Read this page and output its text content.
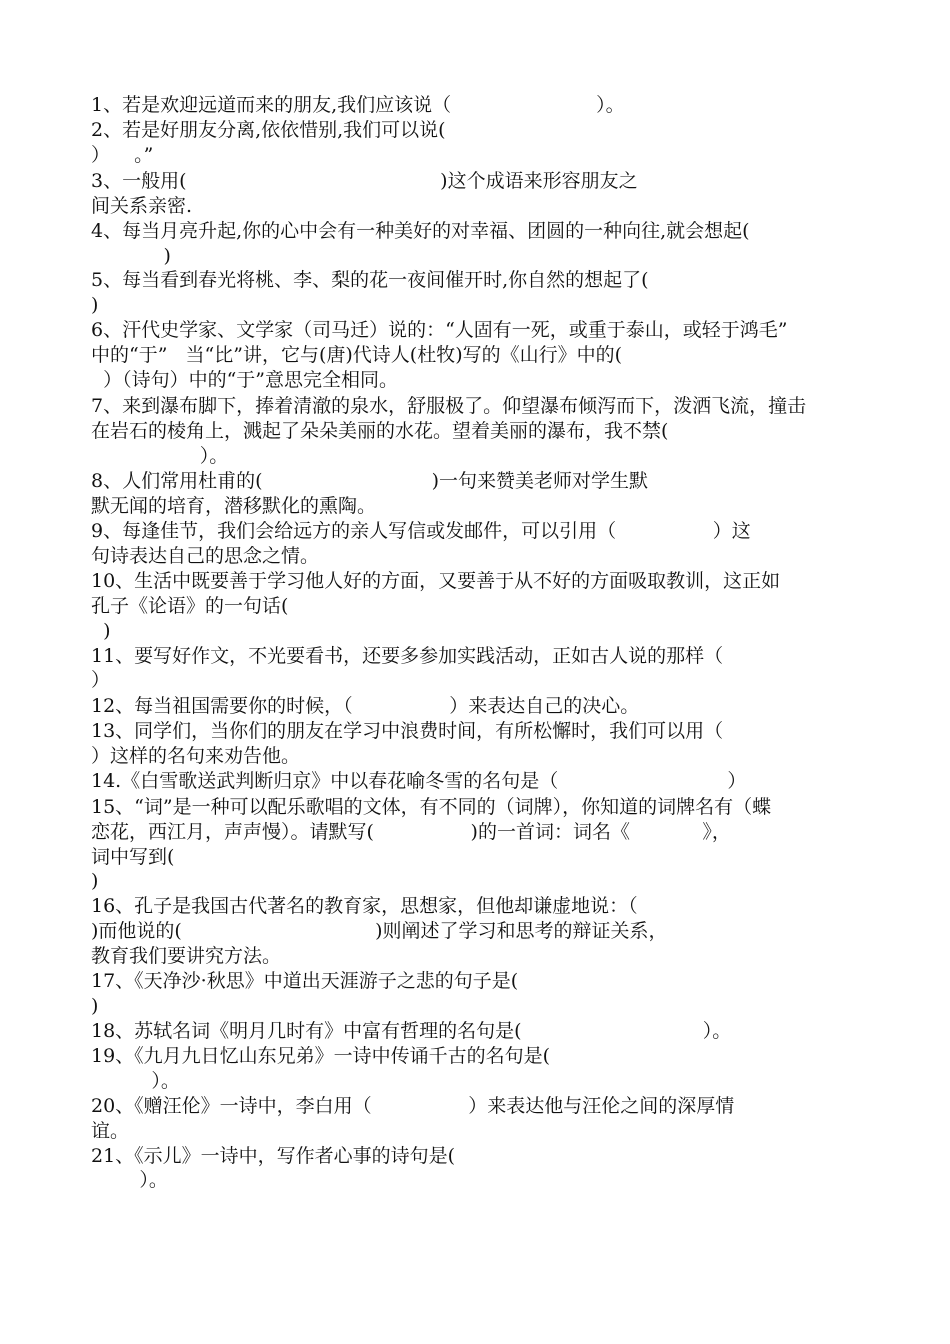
1、若是欢迎远道而来的朋友,我们应该说（                        ）。
2、若是好朋友分离,依依惜别,我们可以说(
）    。”
3、一般用(                                          )这个成语来形容朋友之
间关系亲密.
4、每当月亮升起,你的心中会有一种美好的对幸福、团圆的一种向往,就会想起(
)
5、每当看到春光将桃、李、梨的花一夜间催开时,你自然的想起了(
)
6、汗代史学家、文学家（司马迁）说的：“人固有一死，或重于泰山，或轻于鸿毛”
中的“于”   当“比”讲，它与(唐)代诗人(杜牧)写的《山行》中的(
）（诗句）中的“于”意思完全相同。
7、来到瀑布脚下，捧着清澈的泉水，舒服极了。仰望瀑布倾泻而下，泼洒飞流，撞击
在岩石的棱角上，溅起了朵朵美丽的水花。望着美丽的瀑布，我不禁(
）。
8、人们常用杜甫的(                            )一句来赞美老师对学生默
默无闻的培育，潜移默化的熏陶。
9、每逢佳节，我们会给远方的亲人写信或发邮件，可以引用（                ）这
句诗表达自己的思念之情。
10、生活中既要善于学习他人好的方面，又要善于从不好的方面吸取教训，这正如
孔子《论语》的一句话(
)
11、要写好作文，不光要看书，还要多参加实践活动，正如古人说的那样（
）
12、每当祖国需要你的时候，（                ）来表达自己的决心。
13、同学们，当你们的朋友在学习中浪费时间，有所松懈时，我们可以用（
）这样的名句来劝告他。
14.《白雪歌送武判断归京》中以春花喻冬雪的名句是（                            ）
15、“词”是一种可以配乐歌唱的文体，有不同的（词牌），你知道的词牌名有（蝶
恋花，西江月，声声慢）。请默写(                )的一首词：词名《            》，
词中写到(
)
16、孔子是我国古代著名的教育家，思想家，但他却谦虚地说：（
)而他说的(                                )则阐述了学习和思考的辩证关系，
教育我们要讲究方法。
17、《天净沙·秋思》中道出天涯游子之悲的句子是(
)
18、苏轼名词《明月几时有》中富有哲理的名句是(                              ）。
19、《九月九日忆山东兄弟》一诗中传诵千古的名句是(
）。
20、《赠汪伦》一诗中，李白用（                ）来表达他与汪伦之间的深厚情
谊。
21、《示儿》一诗中，写作者心事的诗句是(
）。
